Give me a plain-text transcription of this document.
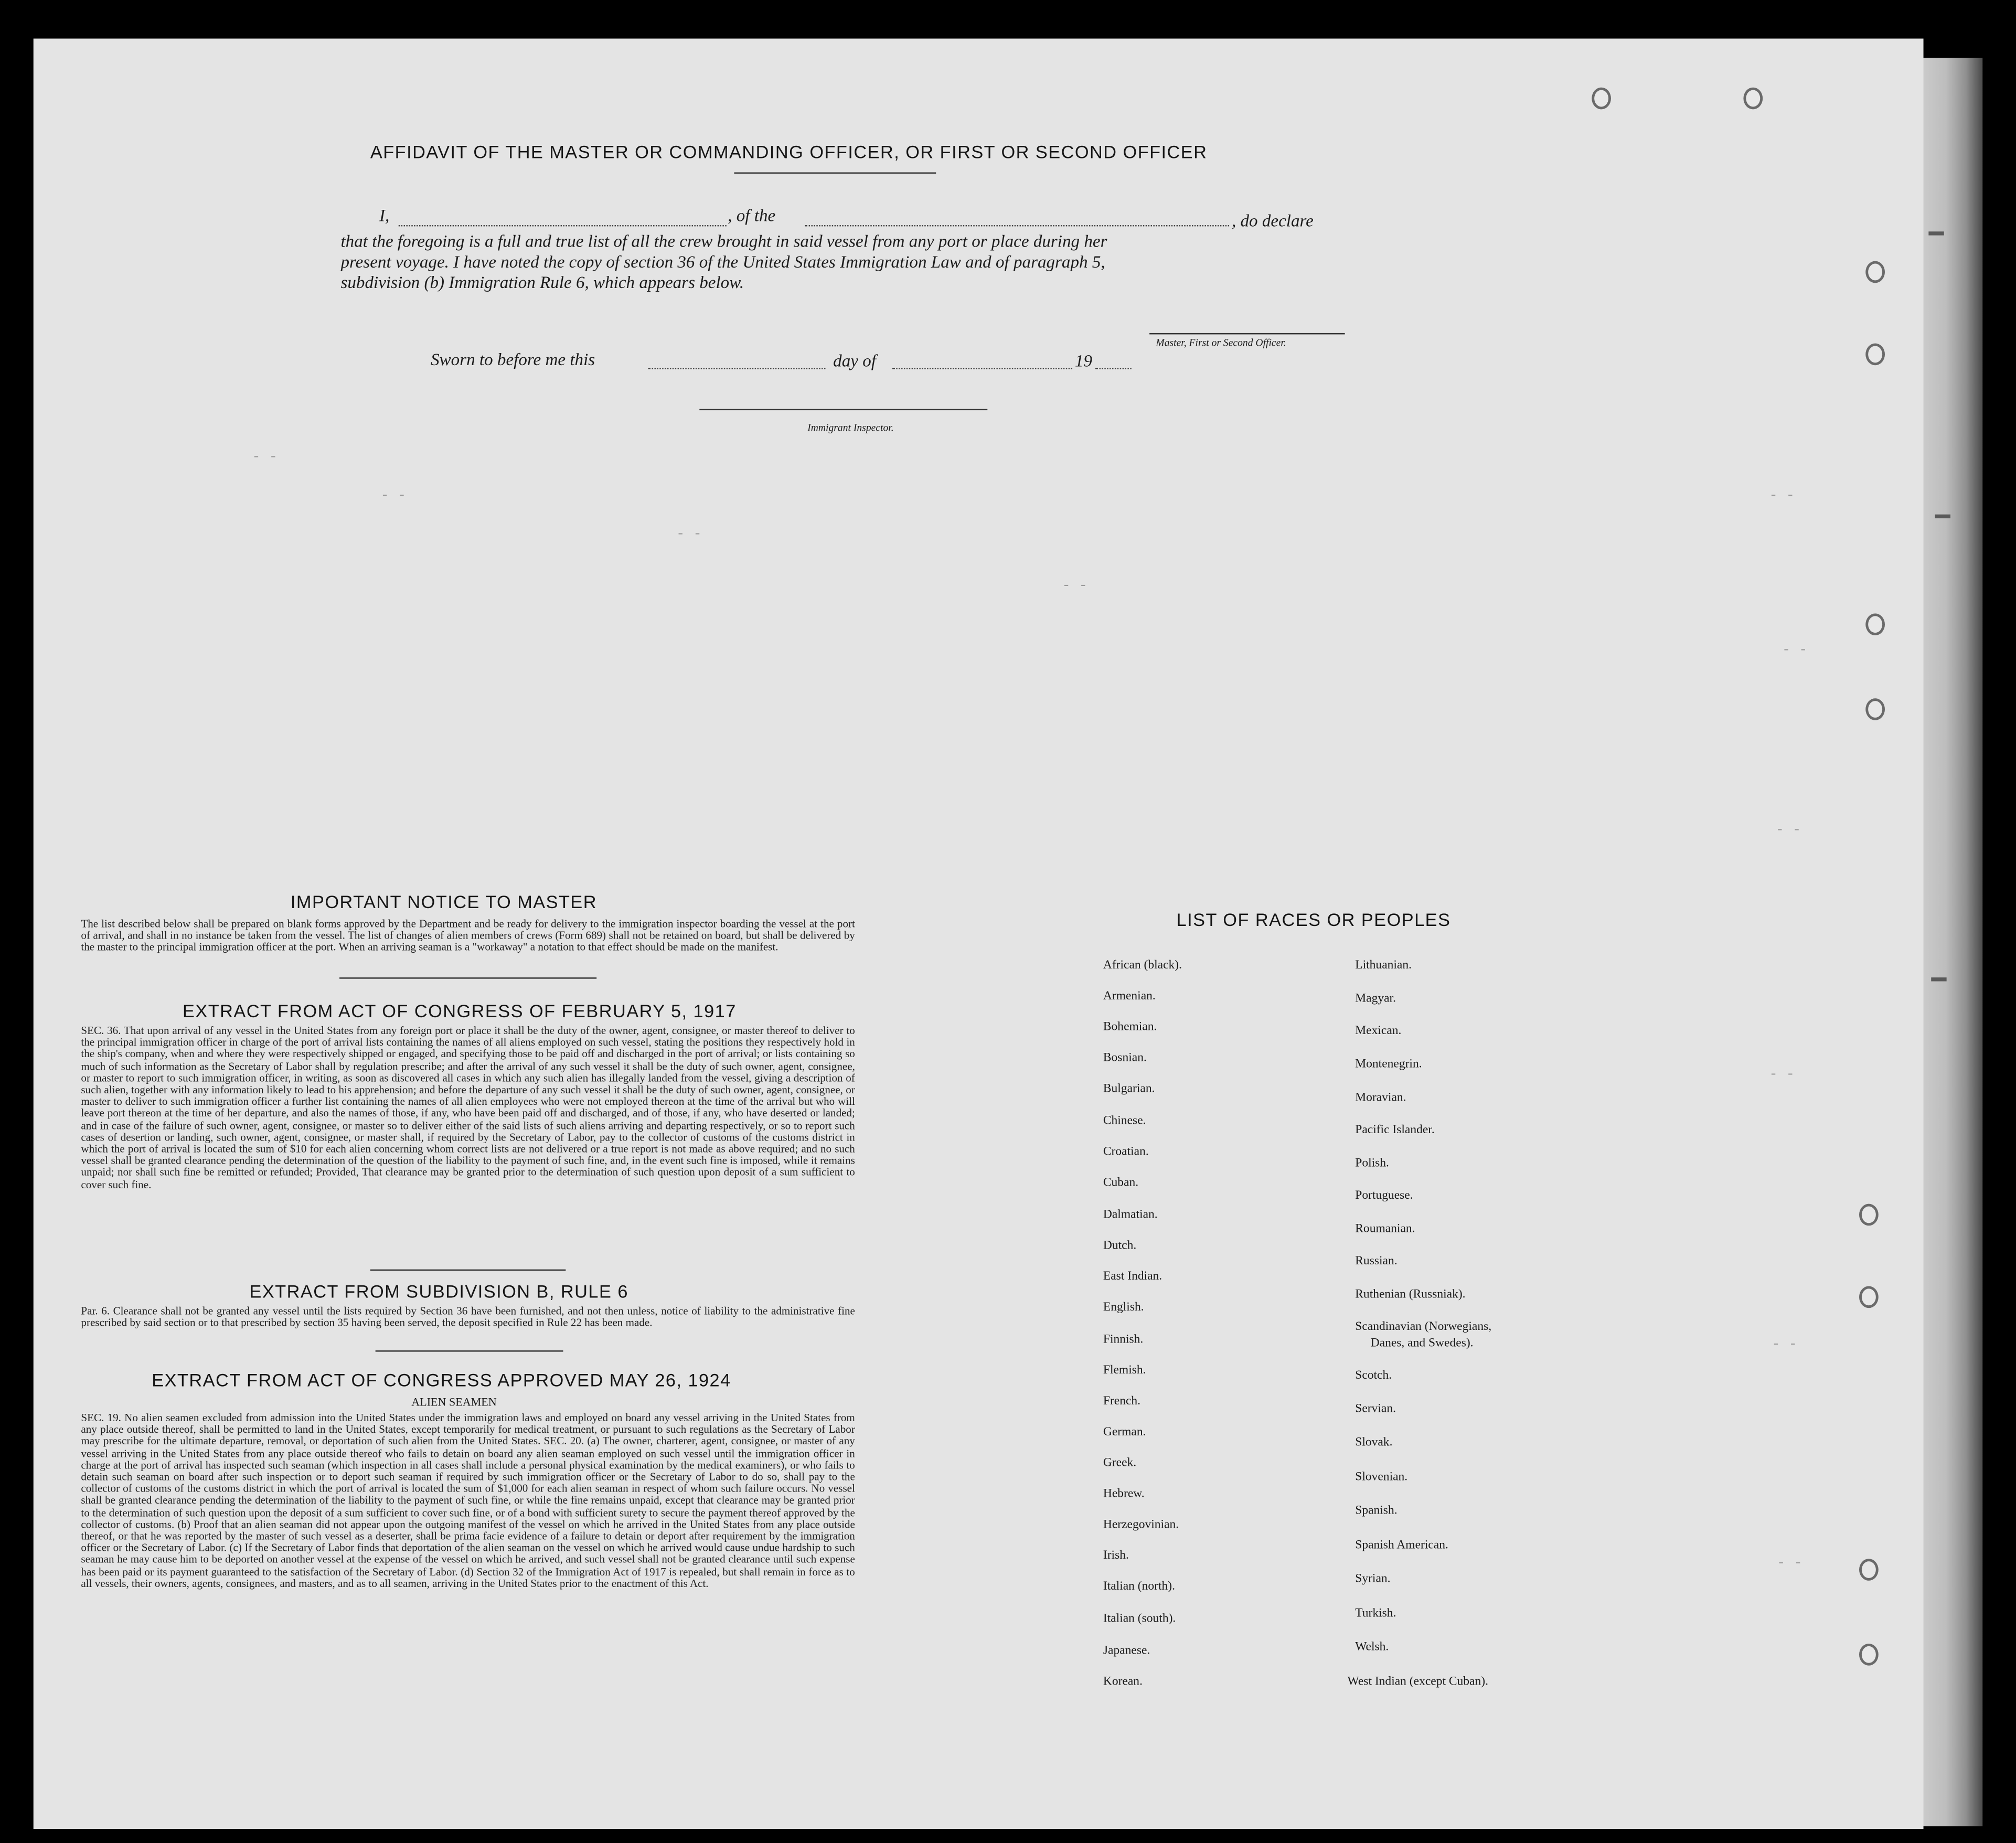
- -
- -
- -
- -
- -
- -
- -
- -
- -
- -
AFFIDAVIT OF THE MASTER OR COMMANDING OFFICER, OR FIRST OR SECOND OFFICER
I,	, of the	, do declare
that the foregoing is a full and true list of all the crew brought in said vessel from any port or place during her
present voyage. I have noted the copy of section 36 of the United States Immigration Law and of paragraph 5,
subdivision (b) Immigration Rule 6, which appears below.
Master, First or Second Officer.
Sworn to before me this	day of	19
Immigrant Inspector.
IMPORTANT NOTICE TO MASTER
The list described below shall be prepared on blank forms approved by the Department and be ready for delivery to the immigration inspector boarding the vessel at the port of arrival, and shall in no instance be taken from the vessel. The list of changes of alien members of crews (Form 689) shall not be retained on board, but shall be delivered by the master to the principal immigration officer at the port. When an arriving seaman is a "workaway" a notation to that effect should be made on the manifest.
EXTRACT FROM ACT OF CONGRESS OF FEBRUARY 5, 1917
SEC. 36. That upon arrival of any vessel in the United States from any foreign port or place it shall be the duty of the owner, agent, consignee, or master thereof to deliver to the principal immigration officer in charge of the port of arrival lists containing the names of all aliens employed on such vessel, stating the positions they respectively hold in the ship's company, when and where they were respectively shipped or engaged, and specifying those to be paid off and discharged in the port of arrival; or lists containing so much of such information as the Secretary of Labor shall by regulation prescribe; and after the arrival of any such vessel it shall be the duty of such owner, agent, consignee, or master to report to such immigration officer, in writing, as soon as discovered all cases in which any such alien has illegally landed from the vessel, giving a description of such alien, together with any information likely to lead to his apprehension; and before the departure of any such vessel it shall be the duty of such owner, agent, consignee, or master to deliver to such immigration officer a further list containing the names of all alien employees who were not employed thereon at the time of the arrival but who will leave port thereon at the time of her departure, and also the names of those, if any, who have been paid off and discharged, and of those, if any, who have deserted or landed; and in case of the failure of such owner, agent, consignee, or master so to deliver either of the said lists of such aliens arriving and departing respectively, or so to report such cases of desertion or landing, such owner, agent, consignee, or master shall, if required by the Secretary of Labor, pay to the collector of customs of the customs district in which the port of arrival is located the sum of $10 for each alien concerning whom correct lists are not delivered or a true report is not made as above required; and no such vessel shall be granted clearance pending the determination of the question of the liability to the payment of such fine, and, in the event such fine is imposed, while it remains unpaid; nor shall such fine be remitted or refunded; Provided, That clearance may be granted prior to the determination of such question upon deposit of a sum sufficient to cover such fine.
EXTRACT FROM SUBDIVISION B, RULE 6
Par. 6. Clearance shall not be granted any vessel until the lists required by Section 36 have been furnished, and not then unless, notice of liability to the administrative fine prescribed by said section or to that prescribed by section 35 having been served, the deposit specified in Rule 22 has been made.
EXTRACT FROM ACT OF CONGRESS APPROVED MAY 26, 1924
ALIEN SEAMEN
SEC. 19. No alien seamen excluded from admission into the United States under the immigration laws and employed on board any vessel arriving in the United States from any place outside thereof, shall be permitted to land in the United States, except temporarily for medical treatment, or pursuant to such regulations as the Secretary of Labor may prescribe for the ultimate departure, removal, or deportation of such alien from the United States. SEC. 20. (a) The owner, charterer, agent, consignee, or master of any vessel arriving in the United States from any place outside thereof who fails to detain on board any alien seaman employed on such vessel until the immigration officer in charge at the port of arrival has inspected such seaman (which inspection in all cases shall include a personal physical examination by the medical examiners), or who fails to detain such seaman on board after such inspection or to deport such seaman if required by such immigration officer or the Secretary of Labor to do so, shall pay to the collector of customs of the customs district in which the port of arrival is located the sum of $1,000 for each alien seaman in respect of whom such failure occurs. No vessel shall be granted clearance pending the determination of the liability to the payment of such fine, or while the fine remains unpaid, except that clearance may be granted prior to the determination of such question upon the deposit of a sum sufficient to cover such fine, or of a bond with sufficient surety to secure the payment thereof approved by the collector of customs. (b) Proof that an alien seaman did not appear upon the outgoing manifest of the vessel on which he arrived in the United States from any place outside thereof, or that he was reported by the master of such vessel as a deserter, shall be prima facie evidence of a failure to detain or deport after requirement by the immigration officer or the Secretary of Labor. (c) If the Secretary of Labor finds that deportation of the alien seaman on the vessel on which he arrived would cause undue hardship to such seaman he may cause him to be deported on another vessel at the expense of the vessel on which he arrived, and such vessel shall not be granted clearance until such expense has been paid or its payment guaranteed to the satisfaction of the Secretary of Labor. (d) Section 32 of the Immigration Act of 1917 is repealed, but shall remain in force as to all vessels, their owners, agents, consignees, and masters, and as to all seamen, arriving in the United States prior to the enactment of this Act.
LIST OF RACES OR PEOPLES
African (black).
Armenian.
Bohemian.
Bosnian.
Bulgarian.
Chinese.
Croatian.
Cuban.
Dalmatian.
Dutch.
East Indian.
English.
Finnish.
Flemish.
French.
German.
Greek.
Hebrew.
Herzegovinian.
Irish.
Italian (north).
Italian (south).
Japanese.
Korean.
Lithuanian.
Magyar.
Mexican.
Montenegrin.
Moravian.
Pacific Islander.
Polish.
Portuguese.
Roumanian.
Russian.
Ruthenian (Russniak).
Scandinavian (Norwegians,
Danes, and Swedes).
Scotch.
Servian.
Slovak.
Slovenian.
Spanish.
Spanish American.
Syrian.
Turkish.
Welsh.
West Indian (except Cuban).
